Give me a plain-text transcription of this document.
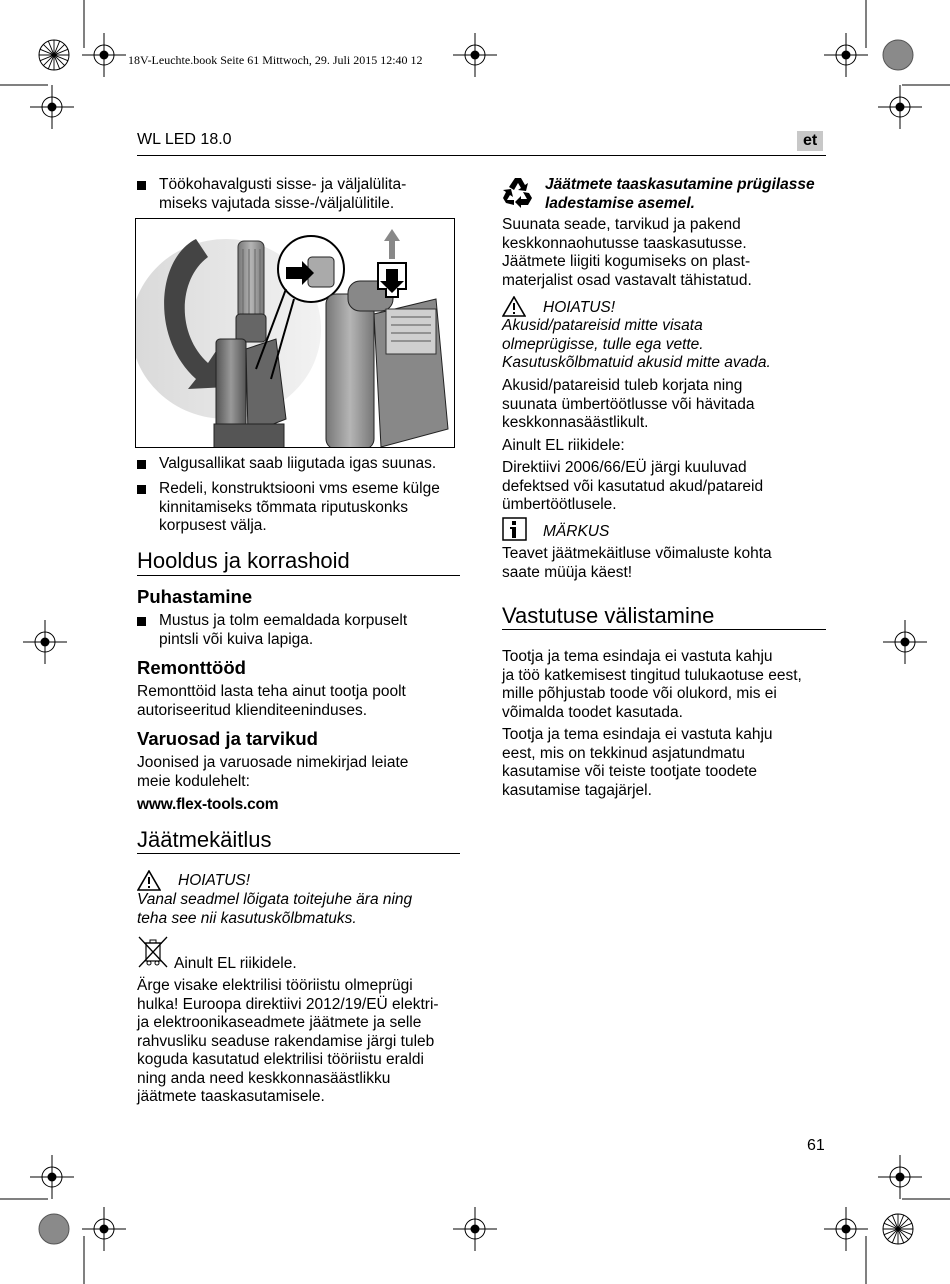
18V-Leuchte.book Seite 61 Mittwoch, 29. Juli 2015 12:40 12
WL LED 18.0	et
Töökohavalgusti sisse- ja väljalülita-
miseks vajutada sisse-/väljalülitile.
Valgusallikat saab liigutada igas suunas.
Redeli, konstruktsiooni vms eseme külge
kinnitamiseks tõmmata riputuskonks
korpusest välja.
Hooldus ja korrashoid
Puhastamine
Mustus ja tolm eemaldada korpuselt
pintsli või kuiva lapiga.
Remonttööd
Remonttöid lasta teha ainut tootja poolt
autoriseeritud klienditeeninduses.
Varuosad ja tarvikud
Joonised ja varuosade nimekirjad leiate
meie kodulehelt:
www.flex-tools.com
Jäätmekäitlus
HOIATUS!
Vanal seadmel lõigata toitejuhe ära ning
teha see nii kasutuskõlbmatuks.
Ainult EL riikidele.
Ärge visake elektrilisi tööriistu olmeprügi
hulka! Euroopa direktiivi 2012/19/EÜ elektri-
ja elektroonikaseadmete jäätmete ja selle
rahvusliku seaduse rakendamise järgi tuleb
koguda kasutatud elektrilisi tööriistu eraldi
ning anda need keskkonnasäästlikku
jäätmete taaskasutamisele.
Jäätmete taaskasutamine prügilasse
ladestamise asemel.
Suunata seade, tarvikud ja pakend
keskkonnaohutusse taaskasutusse.
Jäätmete liigiti kogumiseks on plast-
materjalist osad vastavalt tähistatud.
HOIATUS!
Akusid/patareisid mitte visata
olmeprügisse, tulle ega vette.
Kasutuskõlbmatuid akusid mitte avada.
Akusid/patareisid tuleb korjata ning
suunata ümbertöötlusse või hävitada
keskkonnasäästlikult.
Ainult EL riikidele:
Direktiivi 2006/66/EÜ järgi kuuluvad
defektsed või kasutatud akud/patareid
ümbertöötlusele.
MÄRKUS
Teavet jäätmekäitluse võimaluste kohta
saate müüja käest!
Vastutuse välistamine
Tootja ja tema esindaja ei vastuta kahju
ja töö katkemisest tingitud tulukaotuse eest,
mille põhjustab toode või olukord, mis ei
võimalda toodet kasutada.
Tootja ja tema esindaja ei vastuta kahju
eest, mis on tekkinud asjatundmatu
kasutamise või teiste tootjate toodete
kasutamise tagajärjel.
61
